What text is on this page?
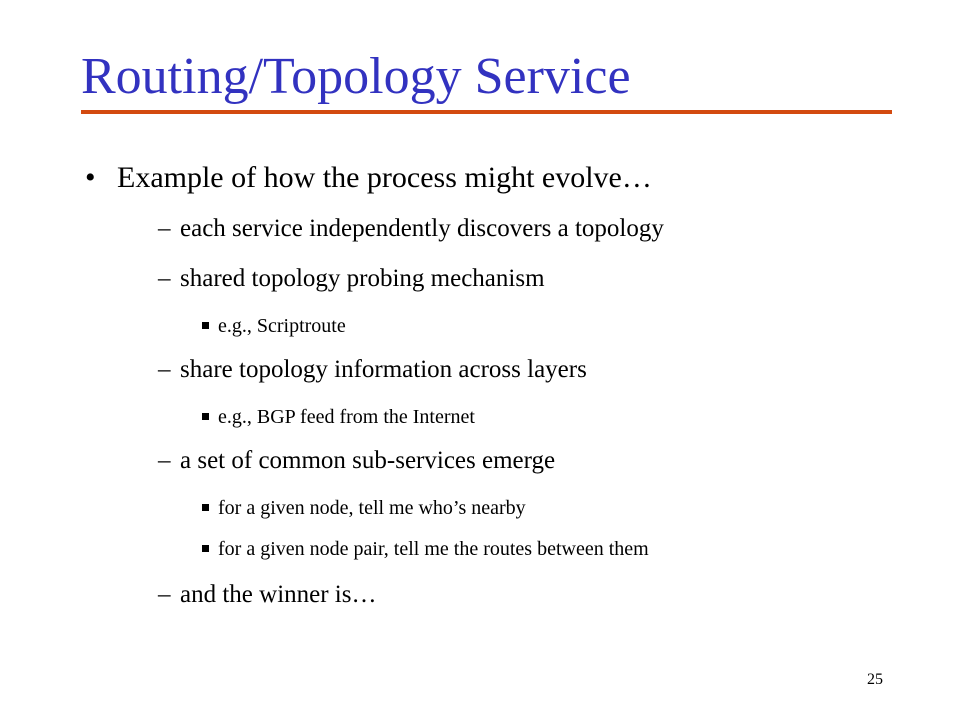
Routing/Topology Service
• Example of how the process might evolve…
– each service independently discovers a topology
– shared topology probing mechanism
e.g., Scriptroute
– share topology information across layers
e.g., BGP feed from the Internet
– a set of common sub-services emerge
for a given node, tell me who’s nearby
for a given node pair, tell me the routes between them
– and the winner is…
25
